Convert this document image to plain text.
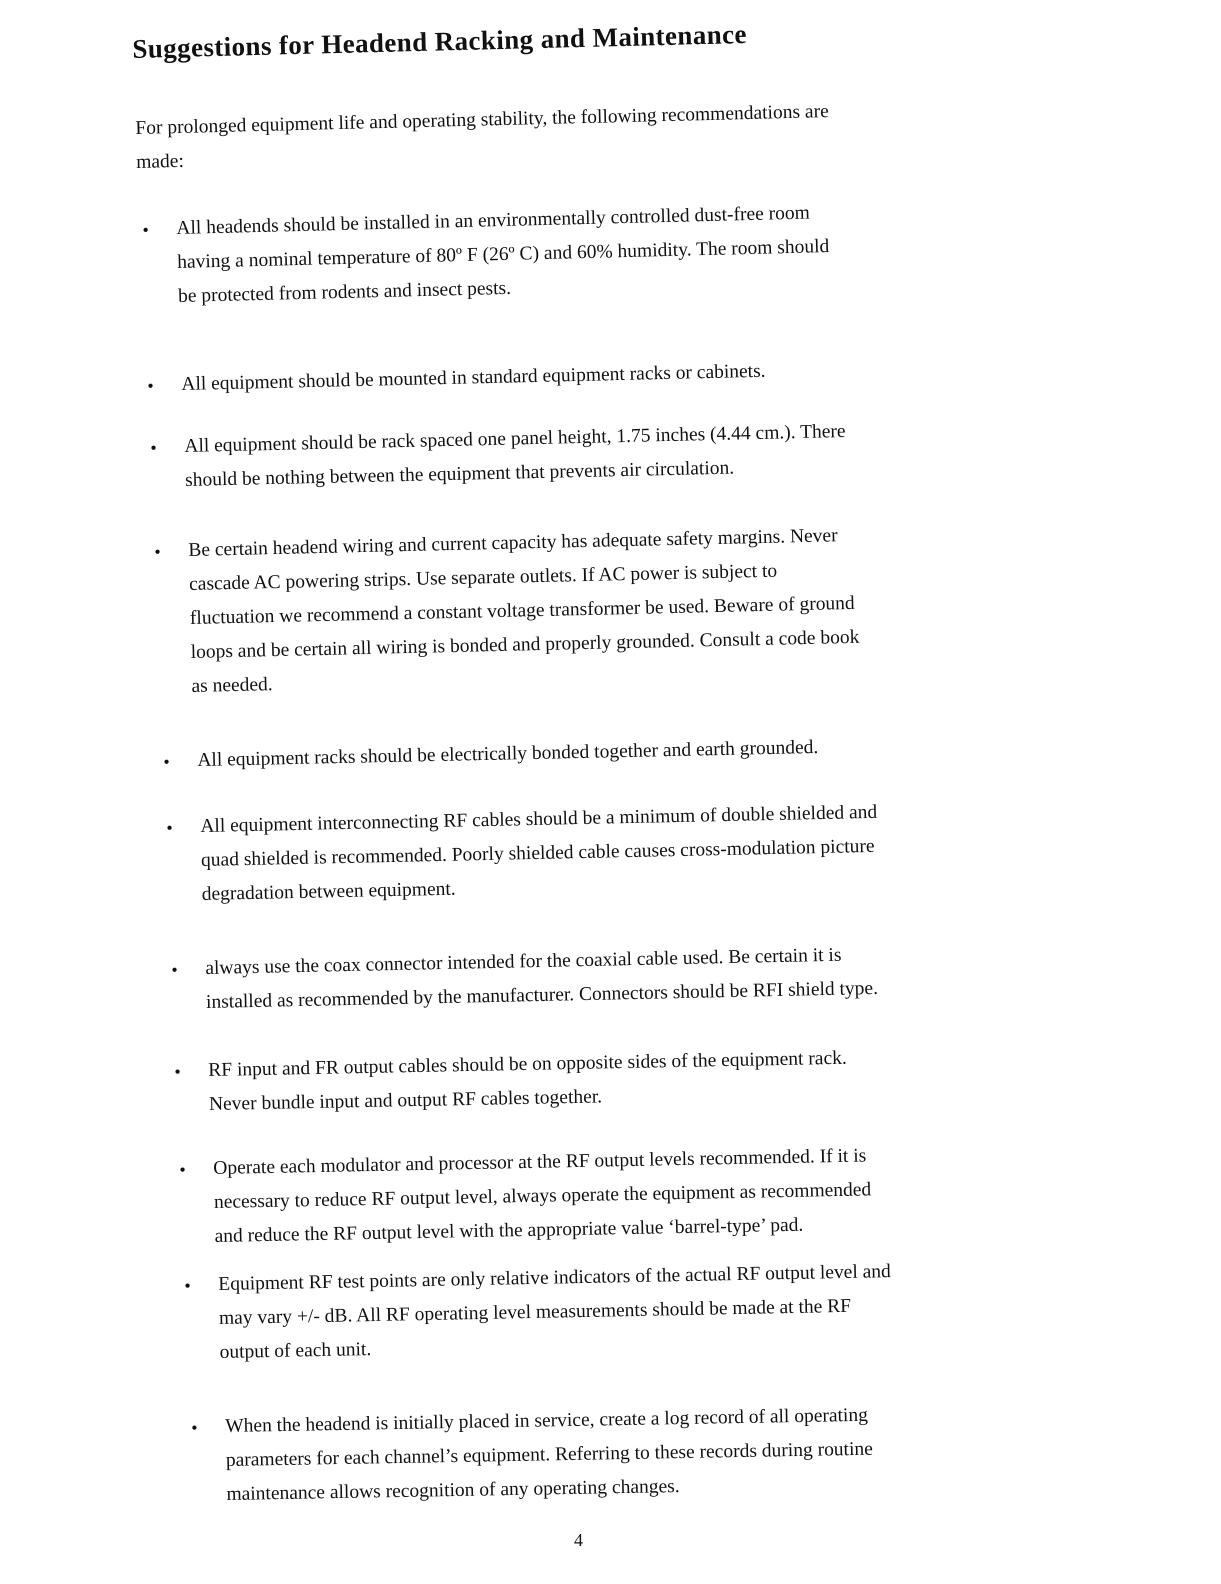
Suggestions for Headend Racking and Maintenance
For prolonged equipment life and operating stability, the following recommendations are
made:
• All headends should be installed in an environmentally controlled dust-free room
having a nominal temperature of 80º F (26º C) and 60% humidity. The room should
be protected from rodents and insect pests.
• All equipment should be mounted in standard equipment racks or cabinets.
• All equipment should be rack spaced one panel height, 1.75 inches (4.44 cm.). There
should be nothing between the equipment that prevents air circulation.
• Be certain headend wiring and current capacity has adequate safety margins. Never
cascade AC powering strips. Use separate outlets. If AC power is subject to
fluctuation we recommend a constant voltage transformer be used. Beware of ground
loops and be certain all wiring is bonded and properly grounded. Consult a code book
as needed.
• All equipment racks should be electrically bonded together and earth grounded.
• All equipment interconnecting RF cables should be a minimum of double shielded and
quad shielded is recommended. Poorly shielded cable causes cross-modulation picture
degradation between equipment.
• always use the coax connector intended for the coaxial cable used. Be certain it is
installed as recommended by the manufacturer. Connectors should be RFI shield type.
• RF input and FR output cables should be on opposite sides of the equipment rack.
Never bundle input and output RF cables together.
• Operate each modulator and processor at the RF output levels recommended. If it is
necessary to reduce RF output level, always operate the equipment as recommended
and reduce the RF output level with the appropriate value ‘barrel-type’ pad.
• Equipment RF test points are only relative indicators of the actual RF output level and
may vary +/- dB. All RF operating level measurements should be made at the RF
output of each unit.
• When the headend is initially placed in service, create a log record of all operating
parameters for each channel’s equipment. Referring to these records during routine
maintenance allows recognition of any operating changes.
4
